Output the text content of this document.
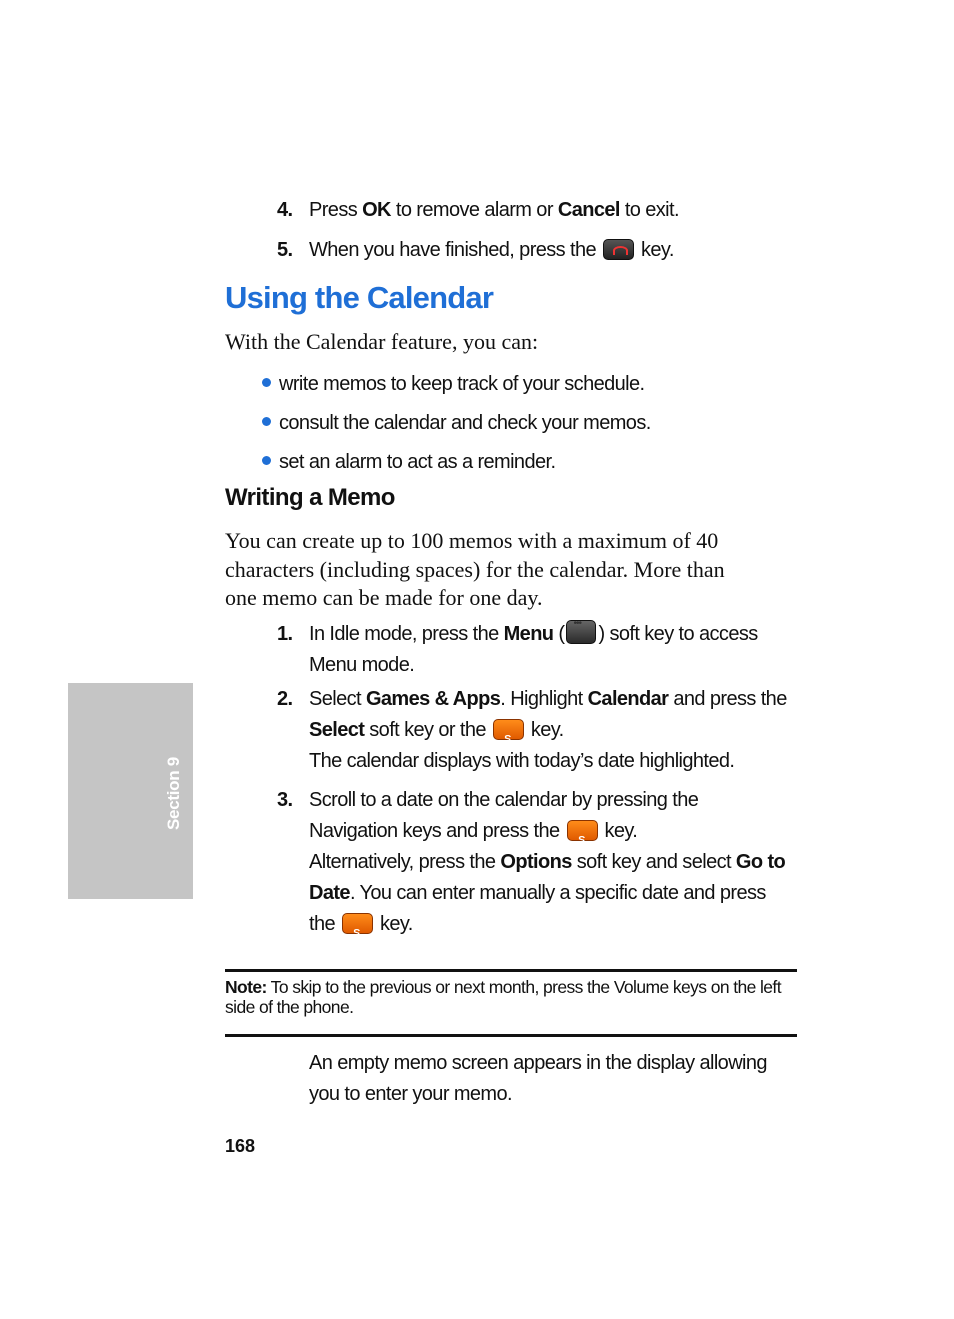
4. Press OK to remove alarm or Cancel to exit.
5. When you have finished, press the key.
Using the Calendar
With the Calendar feature, you can:
write memos to keep track of your schedule.
consult the calendar and check your memos.
set an alarm to act as a reminder.
Writing a Memo
You can create up to 100 memos with a maximum of 40
characters (including spaces) for the calendar. More than
one memo can be made for one day.
1. In Idle mode, press the Menu ( ••• ) soft key to access
Menu mode.
2. Select Games & Apps. Highlight Calendar and press the
Select soft key or the S key.
The calendar displays with today’s date highlighted.
3. Scroll to a date on the calendar by pressing the
Navigation keys and press the S key.
Alternatively, press the Options soft key and select Go to
Date. You can enter manually a specific date and press
the S key.
Note: To skip to the previous or next month, press the Volume keys on the left side of the phone.
An empty memo screen appears in the display allowing
you to enter your memo.
Section 9
168
